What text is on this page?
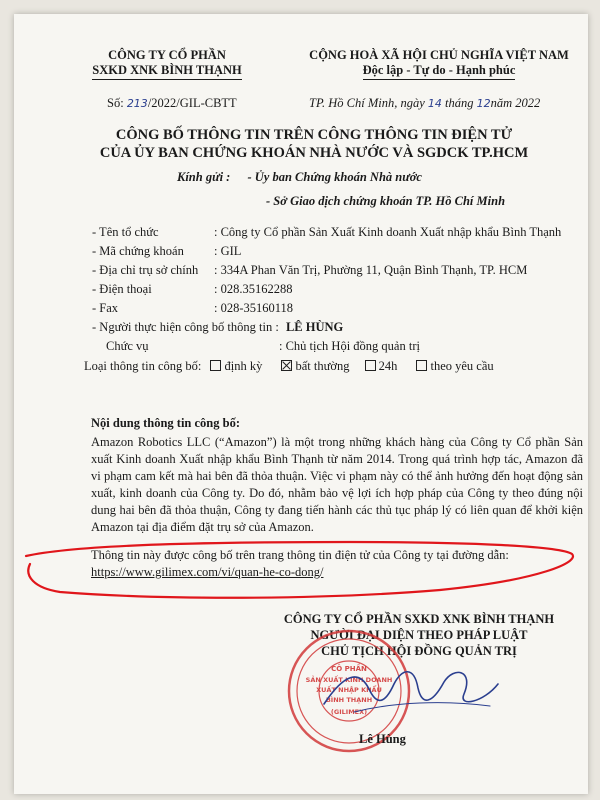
CÔNG TY CỔ PHẦN
SXKD XNK BÌNH THẠNH
CỘNG HOÀ XÃ HỘI CHỦ NGHĨA VIỆT NAM
Độc lập - Tự do - Hạnh phúc
Số: 213/2022/GIL-CBTT	TP. Hồ Chí Minh, ngày 14 tháng 12năm 2022
CÔNG BỐ THÔNG TIN TRÊN CÔNG THÔNG TIN ĐIỆN TỬ
CỦA ỦY BAN CHỨNG KHOÁN NHÀ NƯỚC VÀ SGDCK TP.HCM
Kính gửi : - Ủy ban Chứng khoán Nhà nước
- Sở Giao dịch chứng khoán TP. Hồ Chí Minh
- Tên tổ chức	: Công ty Cổ phần Sản Xuất Kinh doanh Xuất nhập khẩu Bình Thạnh
- Mã chứng khoán : GIL
- Địa chỉ trụ sở chính : 334A Phan Văn Trị, Phường 11, Quận Bình Thạnh, TP. HCM
- Điện thoại	: 028.35162288
- Fax	: 028-35160118
- Người thực hiện công bố thông tin : LÊ HÙNG
Chức vụ	: Chủ tịch Hội đồng quản trị
Loại thông tin công bố: định kỳ	bất thường 24h	theo yêu cầu
Nội dung thông tin công bố:
Amazon Robotics LLC (“Amazon”) là một trong những khách hàng của Công ty Cổ phần Sản xuất Kinh doanh Xuất nhập khẩu Bình Thạnh từ năm 2014. Trong quá trình hợp tác, Amazon đã vi phạm cam kết mà hai bên đã thỏa thuận. Việc vi phạm này có thể ảnh hưởng đến hoạt động sản xuất, kinh doanh của Công ty. Do đó, nhằm bảo vệ lợi ích hợp pháp của Công ty theo đúng nội dung hai bên đã thỏa thuận, Công ty đang tiến hành các thủ tục pháp lý có liên quan để khởi kiện Amazon tại địa điểm đặt trụ sở của Amazon.
Thông tin này được công bố trên trang thông tin điện tử của Công ty tại đường dẫn:
https://www.gilimex.com/vi/quan-he-co-dong/
CÔNG TY CỔ PHẦN SXKD XNK BÌNH THẠNH
NGƯỜI ĐẠI DIỆN THEO PHÁP LUẬT
CHỦ TỊCH HỘI ĐỒNG QUẢN TRỊ
CÔ PHẦN
SẢN XUẤT KINH DOANH
XUẤT NHẬP KHẨU
BÌNH THẠNH
(GILIMEX)
Lê Hùng
